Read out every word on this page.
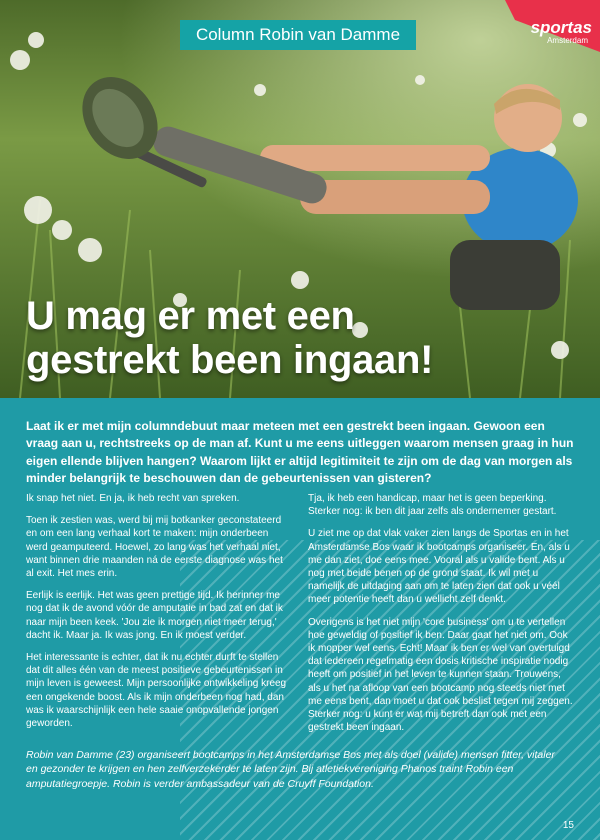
Column Robin van Damme	sportas
Amsterdam
U mag er met een
gestrekt been ingaan!
Laat ik er met mijn columndebuut maar meteen met een gestrekt been ingaan. Gewoon een vraag aan u, rechtstreeks op de man af. Kunt u me eens uitleggen waarom mensen graag in hun eigen ellende blijven hangen? Waarom lijkt er altijd legitimiteit te zijn om de dag van morgen als minder belangrijk te beschouwen dan de gebeurtenissen van gisteren?

Ik snap het niet. En ja, ik heb recht van spreken.

Toen ik zestien was, werd bij mij botkanker geconstateerd en om een lang verhaal kort te maken: mijn onderbeen werd geamputeerd. Hoewel, zo lang was het verhaal niet, want binnen drie maanden ná de eerste diagnose was het al exit. Het mes erin.

Eerlijk is eerlijk. Het was geen prettige tijd. Ik herinner me nog dat ik de avond vóór de amputatie in bad zat en dat ik naar mijn been keek. 'Jou zie ik morgen niet meer terug,' dacht ik. Maar ja. Ik was jong. En ik moest verder.

Het interessante is echter, dat ik nu echter durft te stellen dat dit alles één van de meest positieve gebeurtenissen in mijn leven is geweest. Mijn persoonlijke ontwikkeling kreeg een ongekende boost. Als ik mijn onderbeen nog had, dan was ik waarschijnlijk een hele saaie onopvallende jongen geworden.

Tja, ik heb een handicap, maar het is geen beperking. Sterker nog: ik ben dit jaar zelfs als ondernemer gestart.

U ziet me op dat vlak vaker zien langs de Sportas en in het Amsterdamse Bos waar ik bootcamps organiseer. En, als u me dan ziet, doe eens mee. Vooral als u valide bent. Als u nog met beide benen op de grond staat. Ik wil met u namelijk de uitdaging aan om te laten zien dat ook u véél meer potentie heeft dan u wellicht zelf denkt.

Overigens is het niet mijn 'core business' om u te vertellen hoe geweldig of positief ik ben. Daar gaat het niet om. Ook ik mopper wel eens. Echt! Maar ik ben er wel van overtuigd dat iedereen regelmatig een dosis kritische inspiratie nodig heeft om positief in het leven te kunnen staan. Trouwens, als u het na afloop van een bootcamp nog steeds niet met me eens bent, dan moet u dat ook beslist tegen mij zeggen. Sterker nog: u kunt er wat mij betreft dan ook met een gestrekt been ingaan.

Robin van Damme (23) organiseert bootcamps in het Amsterdamse Bos met als doel (valide) mensen fitter, vitaler en gezonder te krijgen en hen zelfverzekerder te laten zijn. Bij atletiekvereniging Phanos traint Robin een amputatiegroepje. Robin is verder ambassadeur van de Cruyff Foundation.
15
